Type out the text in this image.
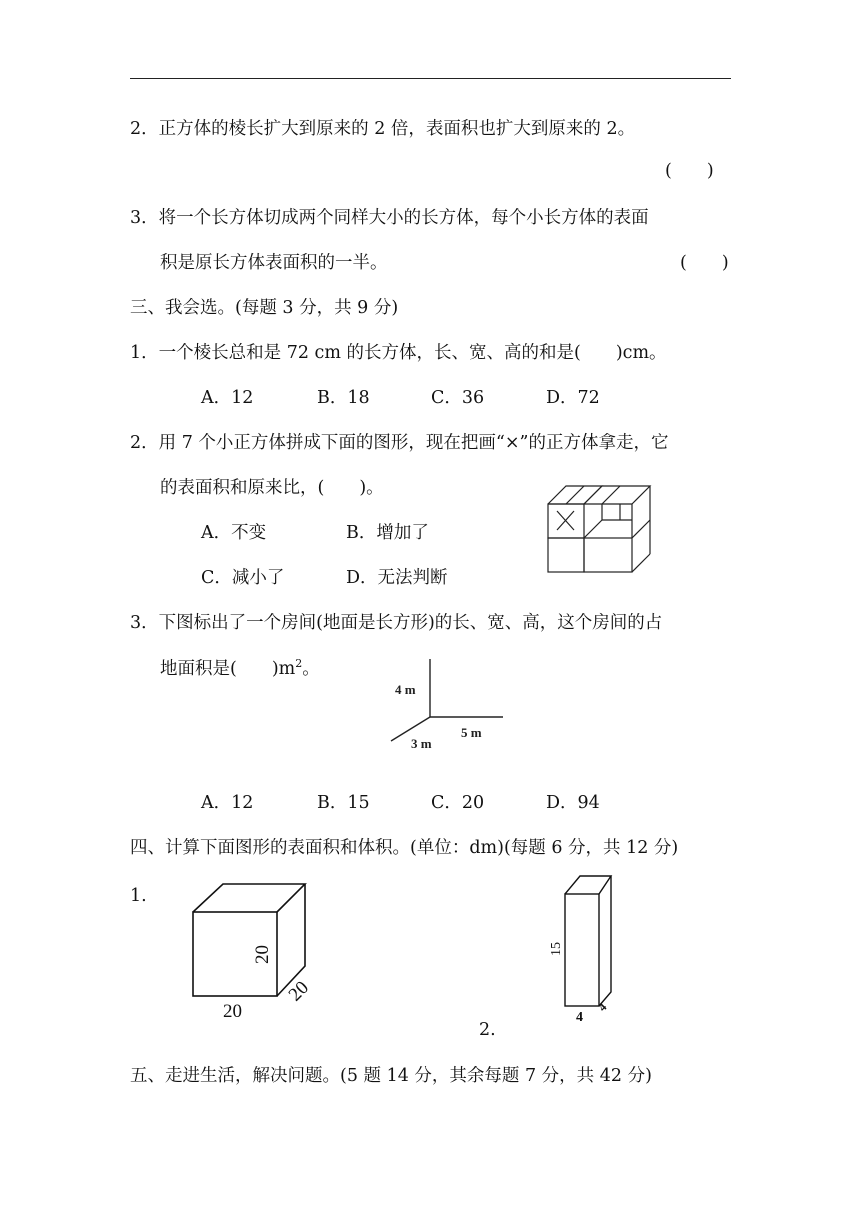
2．正方体的棱长扩大到原来的 2 倍，表面积也扩大到原来的 2。
(　　)
3．将一个长方体切成两个同样大小的长方体，每个小长方体的表面
积是原长方体表面积的一半。	(　　)
三、我会选。(每题 3 分，共 9 分)
1．一个棱长总和是 72 cm 的长方体，长、宽、高的和是(　　)cm。
A．12	B．18	C．36	D．72
2．用 7 个小正方体拼成下面的图形，现在把画“×”的正方体拿走，它
的表面积和原来比，(　　)。
A．不变	B．增加了
C．减小了	D．无法判断
3．下图标出了一个房间(地面是长方形)的长、宽、高，这个房间的占
地面积是(　　)$m^2$。
4 m
5 m
3 m
A．12	B．15	C．20	D．94
四、计算下面图形的表面积和体积。(单位：dm)(每题 6 分，共 12 分)
1.
20
20
20
15
4
4
2.
五、走进生活，解决问题。(5 题 14 分，其余每题 7 分，共 42 分)
